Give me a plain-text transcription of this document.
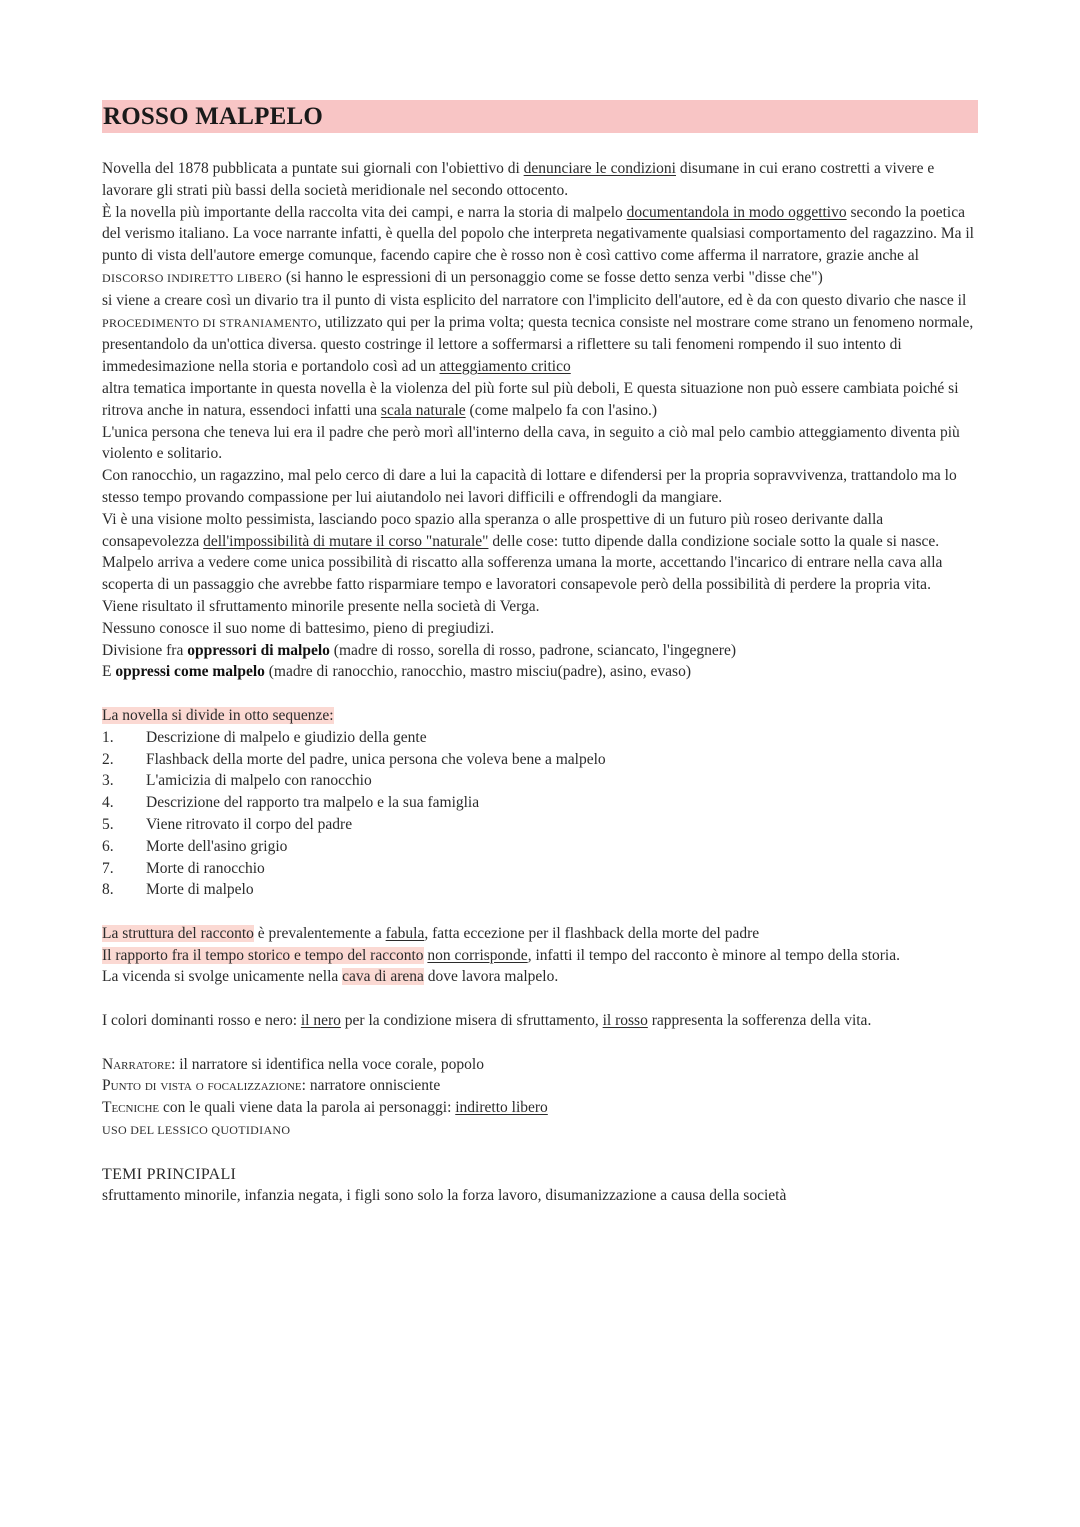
ROSSO MALPELO

Novella del 1878 pubblicata a puntate sui giornali con l'obiettivo di denunciare le condizioni disumane in cui erano costretti a vivere e lavorare gli strati più bassi della società meridionale nel secondo ottocento.

È la novella più importante della raccolta vita dei campi, e narra la storia di malpelo documentandola in modo oggettivo secondo la poetica del verismo italiano. La voce narrante infatti, è quella del popolo che interpreta negativamente qualsiasi comportamento del ragazzino. Ma il punto di vista dell'autore emerge comunque, facendo capire che è rosso non è così cattivo come afferma il narratore, grazie anche al DISCORSO INDIRETTO LIBERO (si hanno le espressioni di un personaggio come se fosse detto senza verbi "disse che")

si viene a creare così un divario tra il punto di vista esplicito del narratore con l'implicito dell'autore, ed è da con questo divario che nasce il PROCEDIMENTO DI STRANIAMENTO, utilizzato qui per la prima volta; questa tecnica consiste nel mostrare come strano un fenomeno normale, presentandolo da un'ottica diversa. questo costringe il lettore a soffermarsi a riflettere su tali fenomeni rompendo il suo intento di immedesimazione nella storia e portandolo così ad un atteggiamento critico

altra tematica importante in questa novella è la violenza del più forte sul più deboli, E questa situazione non può essere cambiata poiché si ritrova anche in natura, essendoci infatti una scala naturale (come malpelo fa con l'asino.)

L'unica persona che teneva lui era il padre che però morì all'interno della cava, in seguito a ciò mal pelo cambio atteggiamento diventa più violento e solitario.

Con ranocchio, un ragazzino, mal pelo cerco di dare a lui la capacità di lottare e difendersi per la propria sopravvivenza, trattandolo ma lo stesso tempo provando compassione per lui aiutandolo nei lavori difficili e offrendogli da mangiare.

Vi è una visione molto pessimista, lasciando poco spazio alla speranza o alle prospettive di un futuro più roseo derivante dalla consapevolezza dell'impossibilità di mutare il corso "naturale" delle cose: tutto dipende dalla condizione sociale sotto la quale si nasce.

Malpelo arriva a vedere come unica possibilità di riscatto alla sofferenza umana la morte, accettando l'incarico di entrare nella cava alla scoperta di un passaggio che avrebbe fatto risparmiare tempo e lavoratori consapevole però della possibilità di perdere la propria vita.

Viene risultato il sfruttamento minorile presente nella società di Verga.

Nessuno conosce il suo nome di battesimo, pieno di pregiudizi.

Divisione fra oppressori di malpelo (madre di rosso, sorella di rosso, padrone, sciancato, l'ingegnere)

E oppressi come malpelo (madre di ranocchio, ranocchio, mastro misciu(padre), asino, evaso)

La novella si divide in otto sequenze:

1.	Descrizione di malpelo e giudizio della gente
2.	Flashback della morte del padre, unica persona che voleva bene a malpelo
3.	L'amicizia di malpelo con ranocchio
4.	Descrizione del rapporto tra malpelo e la sua famiglia
5.	Viene ritrovato il corpo del padre
6.	Morte dell'asino grigio
7.	Morte di ranocchio
8.	Morte di malpelo

La struttura del racconto è prevalentemente a fabula, fatta eccezione per il flashback della morte del padre

Il rapporto fra il tempo storico e tempo del racconto non corrisponde, infatti il tempo del racconto è minore al tempo della storia.

La vicenda si svolge unicamente nella cava di arena dove lavora malpelo.

I colori dominanti rosso e nero: il nero per la condizione misera di sfruttamento, il rosso rappresenta la sofferenza della vita.

Narratore: il narratore si identifica nella voce corale, popolo

Punto di vista o focalizzazione: narratore onnisciente

Tecniche con le quali viene data la parola ai personaggi: indiretto libero

USO DEL LESSICO QUOTIDIANO

TEMI PRINCIPALI

sfruttamento minorile, infanzia negata, i figli sono solo la forza lavoro, disumanizzazione a causa della società
